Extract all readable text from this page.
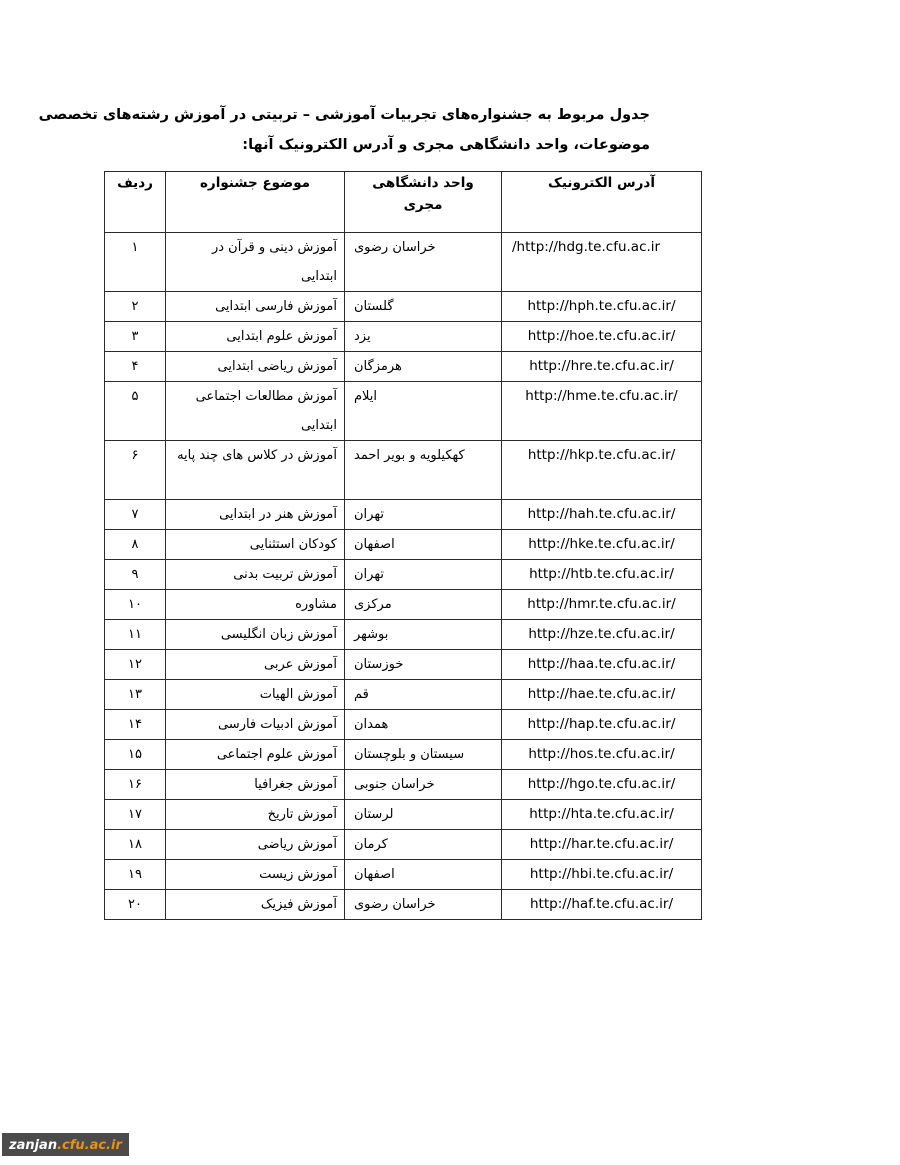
جدول مربوط به جشنواره‌های تجربیات آموزشی – تربیتی در آموزش رشته‌های تخصصی
موضوعات، واحد دانشگاهی مجری و آدرس الکترونیک آنها:
آدرس الکترونیک	واحد دانشگاهی مجری	موضوع جشنواره	ردیف

/http://hdg.te.cfu.ac.ir	خراسان رضوی	آموزش دینی و قرآن در ابتدایی	۱

http://hph.te.cfu.ac.ir/	گلستان	آموزش فارسی ابتدایی	۲

http://hoe.te.cfu.ac.ir/	یزد	آموزش علوم ابتدایی	۳

http://hre.te.cfu.ac.ir/	هرمزگان	آموزش ریاضی ابتدایی	۴

http://hme.te.cfu.ac.ir/	ایلام	آموزش مطالعات اجتماعی ابتدایی	۵

http://hkp.te.cfu.ac.ir/	کهکیلویه و بویر احمد	آموزش در کلاس های چند پایه	۶

http://hah.te.cfu.ac.ir/	تهران	آموزش هنر در ابتدایی	۷

http://hke.te.cfu.ac.ir/	اصفهان	کودکان استثنایی	۸

http://htb.te.cfu.ac.ir/	تهران	آموزش تربیت بدنی	۹

http://hmr.te.cfu.ac.ir/	مرکزی	مشاوره	۱۰

http://hze.te.cfu.ac.ir/	بوشهر	آموزش زبان انگلیسی	۱۱

http://haa.te.cfu.ac.ir/	خوزستان	آموزش عربی	۱۲

http://hae.te.cfu.ac.ir/	قم	آموزش الهیات	۱۳

http://hap.te.cfu.ac.ir/	همدان	آموزش ادبیات فارسی	۱۴

http://hos.te.cfu.ac.ir/	سیستان و بلوچستان	آموزش علوم اجتماعی	۱۵

http://hgo.te.cfu.ac.ir/	خراسان جنوبی	آموزش جغرافیا	۱۶

http://hta.te.cfu.ac.ir/	لرستان	آموزش تاریخ	۱۷

http://har.te.cfu.ac.ir/	کرمان	آموزش ریاضی	۱۸

http://hbi.te.cfu.ac.ir/	اصفهان	آموزش زیست	۱۹

http://haf.te.cfu.ac.ir/	خراسان رضوی	آموزش فیزیک	۲۰
zanjan.cfu.ac.ir
